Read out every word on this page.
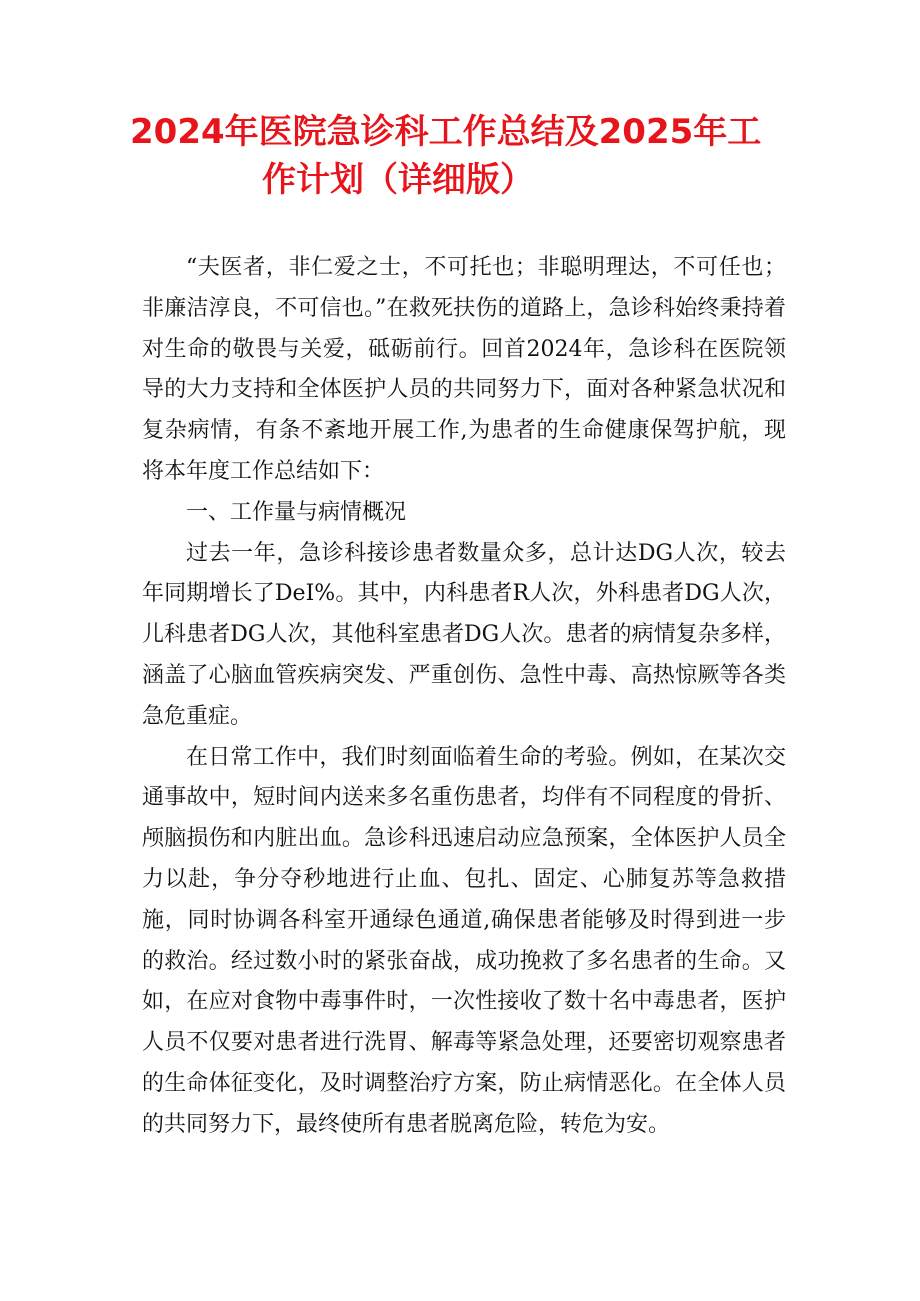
2024年医院急诊科工作总结及2025年工
作计划（详细版）

“夫医者，非仁爱之士，不可托也；非聪明理达，不可任也；非廉洁淳良，不可信也。”在救死扶伤的道路上，急诊科始终秉持着对生命的敬畏与关爱，砥砺前行。回首2024年，急诊科在医院领导的大力支持和全体医护人员的共同努力下，面对各种紧急状况和复杂病情，有条不紊地开展工作,为患者的生命健康保驾护航，现将本年度工作总结如下：

一、工作量与病情概况

过去一年，急诊科接诊患者数量众多，总计达DG人次，较去年同期增长了DeI%。其中，内科患者R人次，外科患者DG人次，儿科患者DG人次，其他科室患者DG人次。患者的病情复杂多样，涵盖了心脑血管疾病突发、严重创伤、急性中毒、高热惊厥等各类急危重症。

在日常工作中，我们时刻面临着生命的考验。例如，在某次交通事故中，短时间内送来多名重伤患者，均伴有不同程度的骨折、颅脑损伤和内脏出血。急诊科迅速启动应急预案，全体医护人员全力以赴，争分夺秒地进行止血、包扎、固定、心肺复苏等急救措施，同时协调各科室开通绿色通道,确保患者能够及时得到进一步的救治。经过数小时的紧张奋战，成功挽救了多名患者的生命。又如，在应对食物中毒事件时，一次性接收了数十名中毒患者，医护人员不仅要对患者进行洗胃、解毒等紧急处理，还要密切观察患者的生命体征变化，及时调整治疗方案，防止病情恶化。在全体人员的共同努力下，最终使所有患者脱离危险，转危为安。
